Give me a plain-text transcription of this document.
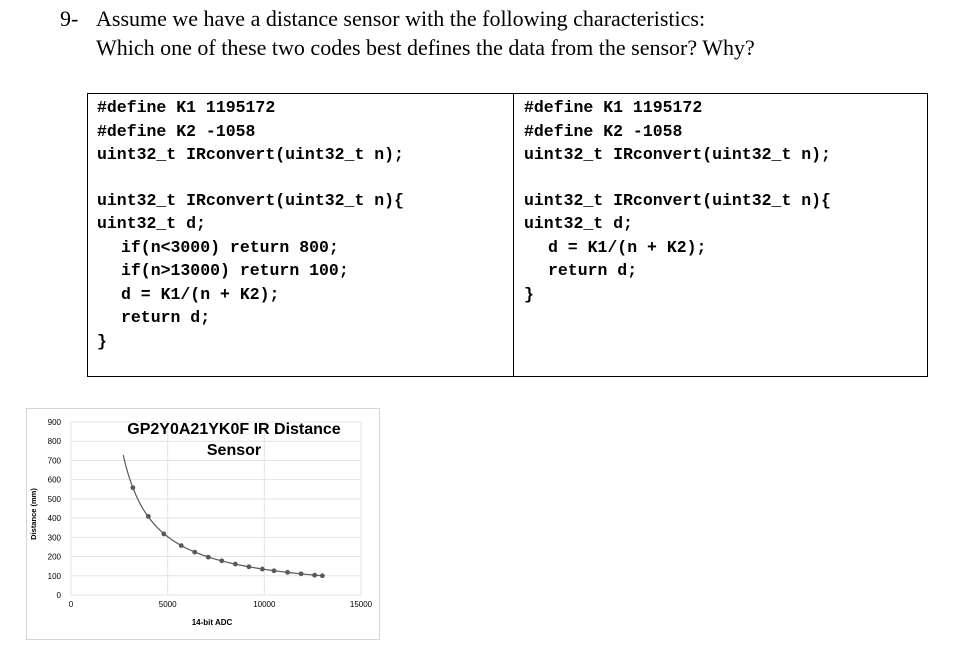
9- Assume we have a distance sensor with the following characteristics:
Which one of these two codes best defines the data from the sensor? Why?
#define K1 1195172
#define K2 -1058
uint32_t IRconvert(uint32_t n);
uint32_t IRconvert(uint32_t n){
uint32_t d;
if(n<3000) return 800;
if(n>13000) return 100;
d = K1/(n + K2);
return d;
}
#define K1 1195172
#define K2 -1058
uint32_t IRconvert(uint32_t n);
uint32_t IRconvert(uint32_t n){
uint32_t d;
d = K1/(n + K2);
return d;
}
0
100
200
300
400
500
600
700
800
900
0	5000	10000	15000
GP2Y0A21YK0F IR Distance
Sensor
Distance (mm)
14-bit ADC
